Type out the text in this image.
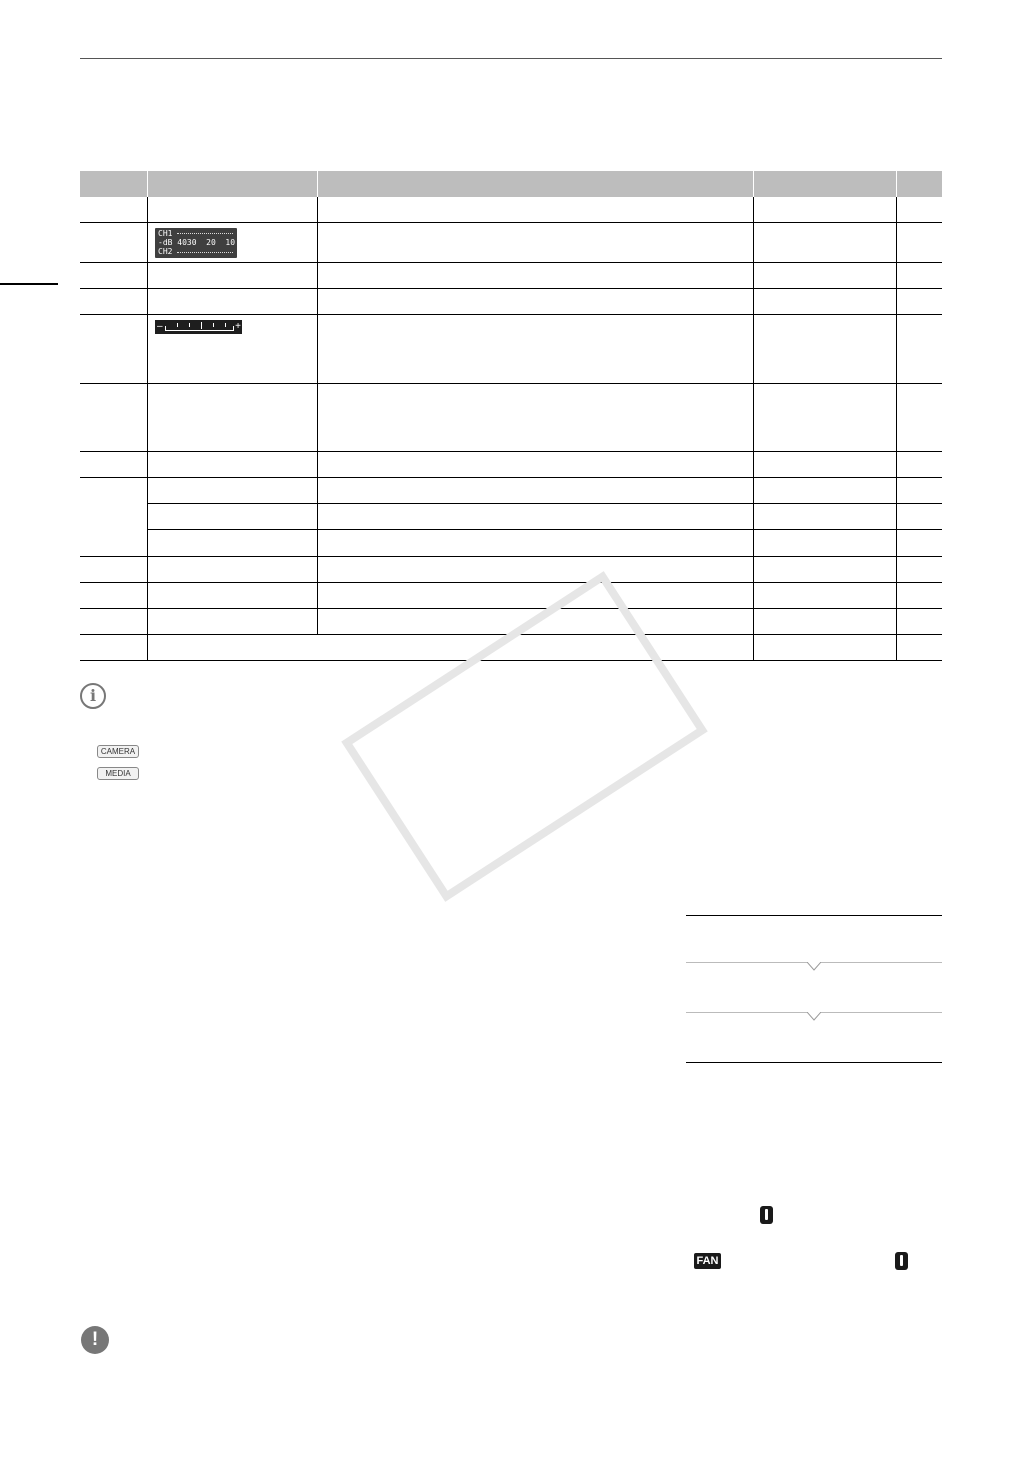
CH1
-dB 4030  20  10   0
CH2
–	+
i
CAMERA
MEDIA
FAN
!
